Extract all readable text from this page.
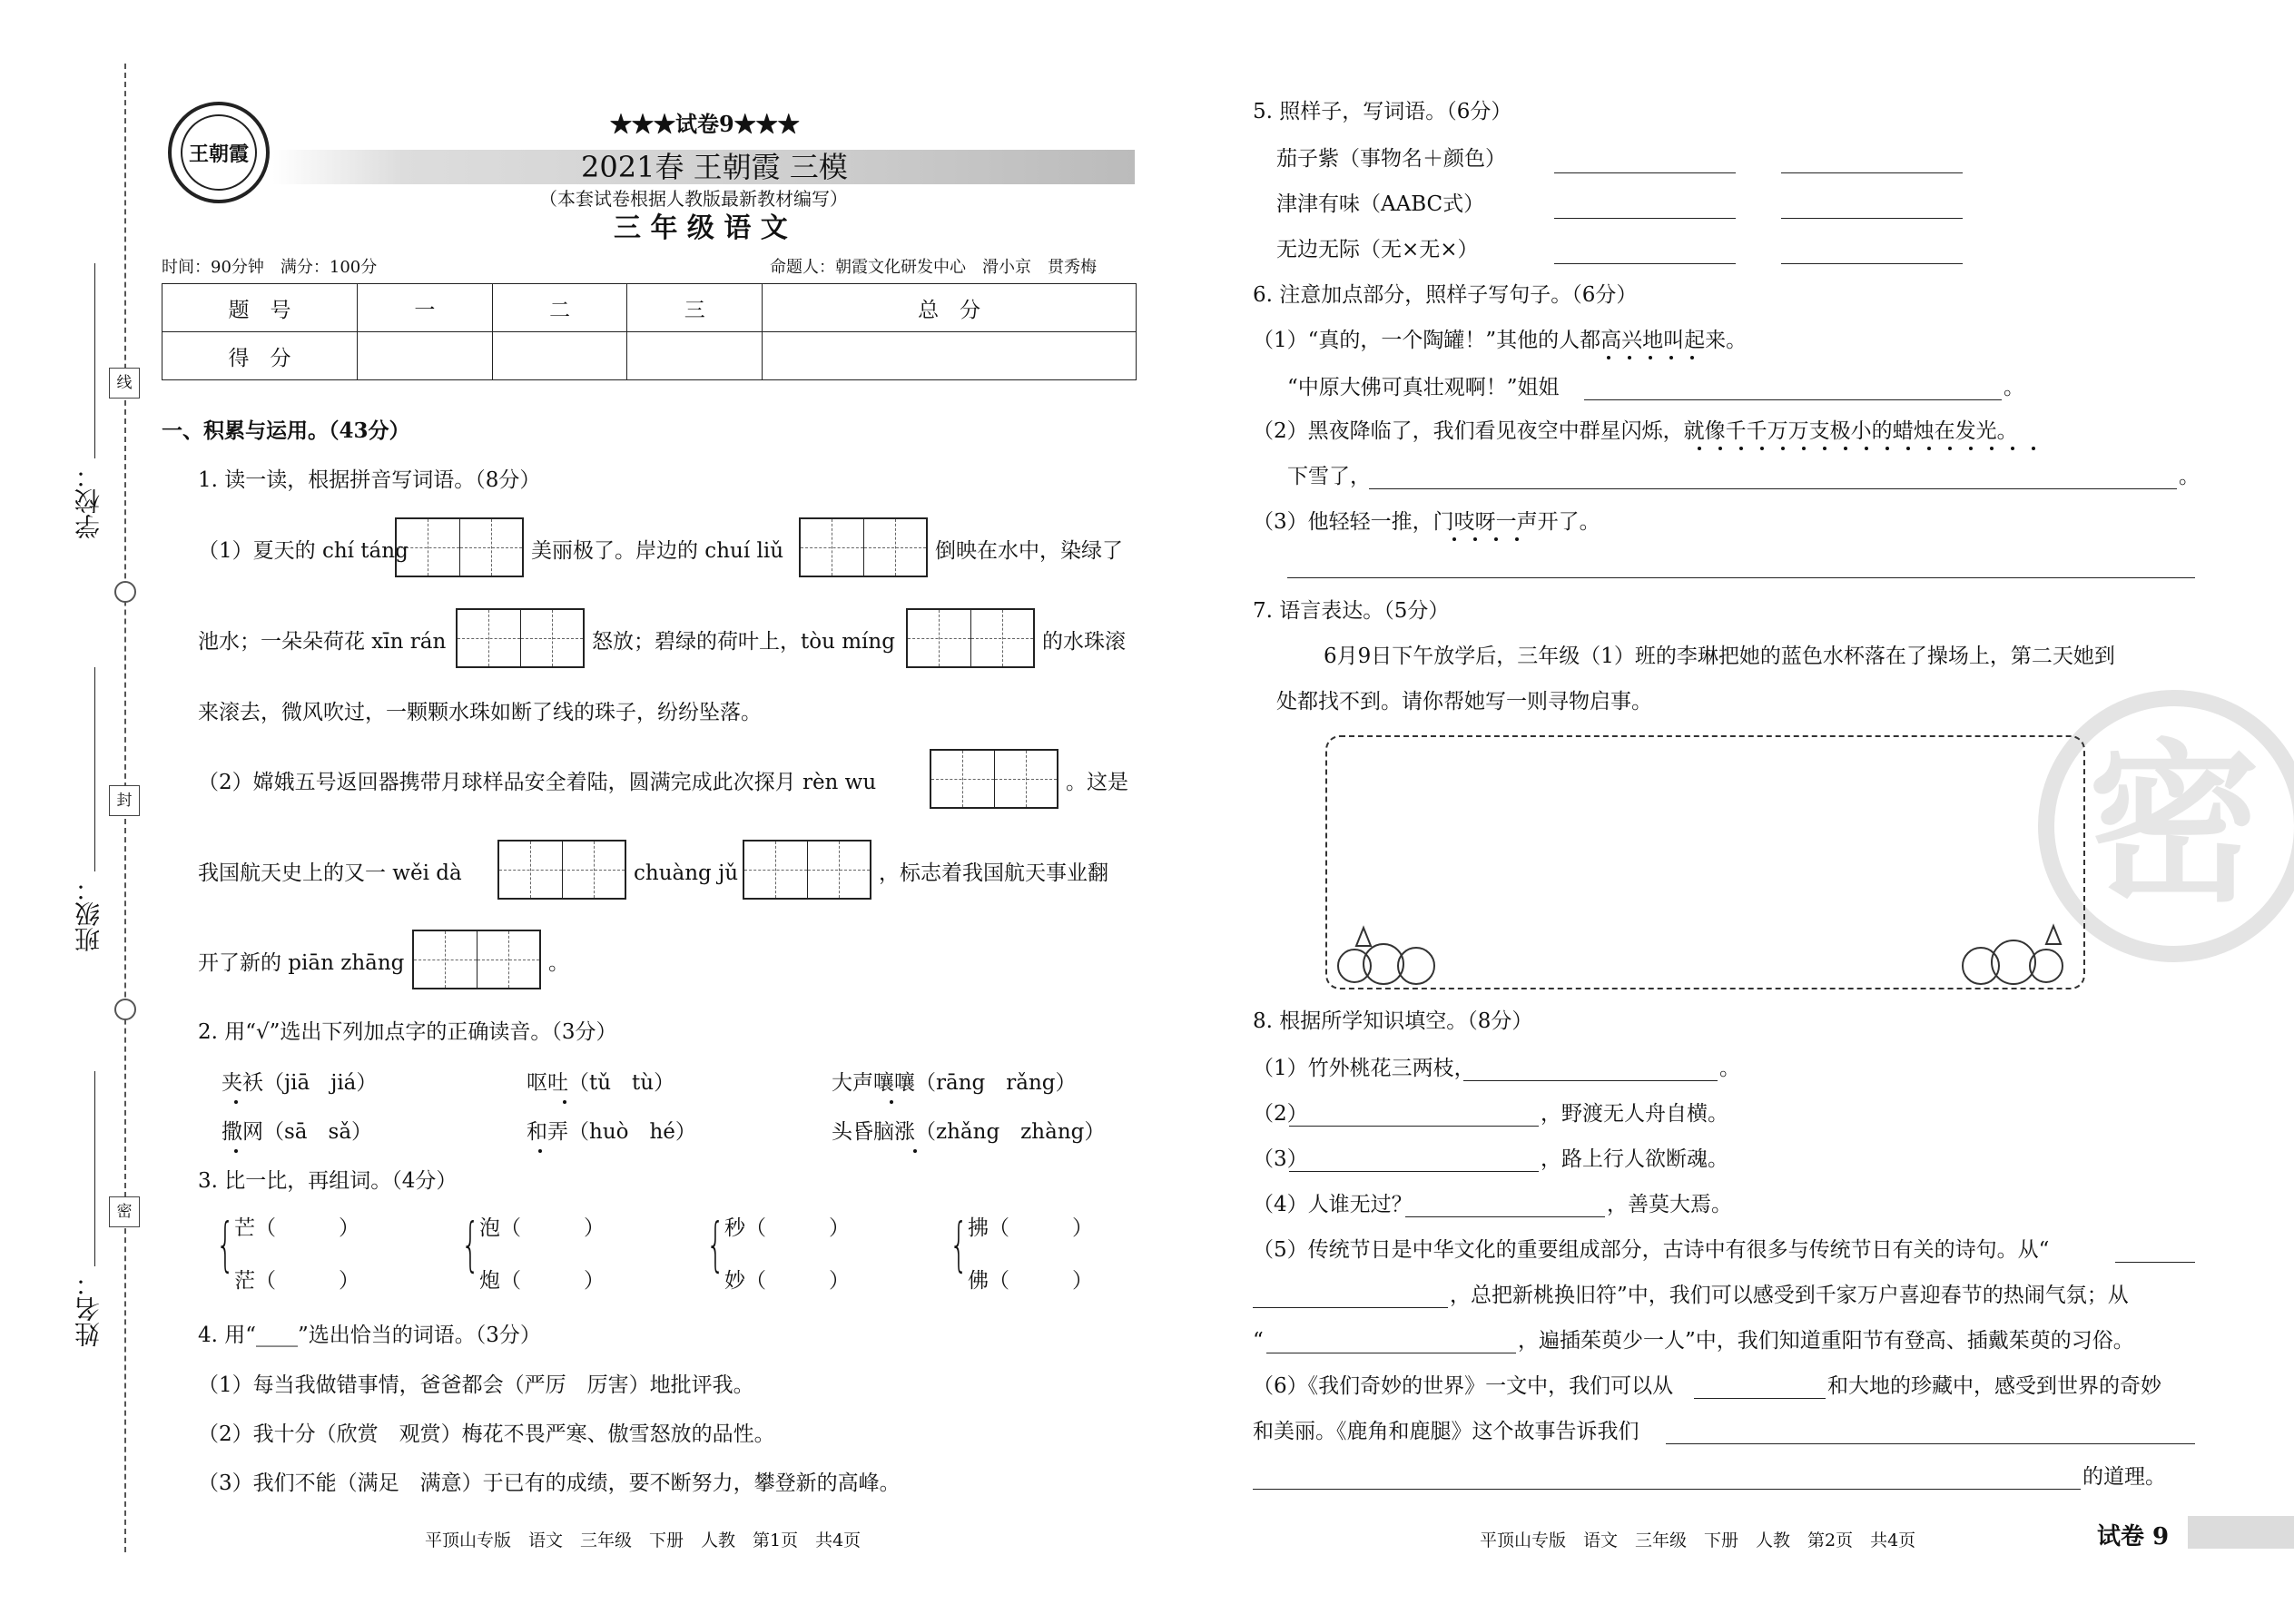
线
封
密
学校：
班级：
姓名：
王朝霞
★★★试卷9★★★
2021春 王朝霞 三模
（本套试卷根据人教版最新教材编写）
三 年 级 语 文
时间：90分钟　满分：100分	命题人：朝霞文化研发中心　滑小京　贯秀梅
题　号	一	二	三	总　分
得　分				
一、积累与运用。（43分）
1. 读一读，根据拼音写词语。（8分）
（1）夏天的 chí táng	美丽极了。岸边的 chuí liǔ	倒映在水中，染绿了
池水；一朵朵荷花 xīn rán	怒放；碧绿的荷叶上，tòu míng	的水珠滚
来滚去，微风吹过，一颗颗水珠如断了线的珠子，纷纷坠落。
（2）嫦娥五号返回器携带月球样品安全着陆，圆满完成此次探月 rèn wu	。这是
我国航天史上的又一 wěi dà	chuàng jǔ	，标志着我国航天事业翻
开了新的 piān zhāng	。
2. 用“√”选出下列加点字的正确读音。（3分）
夹袄（jiā　jiá）	呕吐（tǔ　tù）	大声嚷嚷（rāng　rǎng）
撒网（sā　sǎ）	和弄（huò　hé）	头昏脑涨（zhǎng　zhàng）
3. 比一比，再组词。（4分）
{ 芒（　　　）
茫（　　　）
{ 泡（　　　）
炮（　　　）
{ 秒（　　　）
妙（　　　）
{ 拂（　　　）
佛（　　　）
4. 用“____”选出恰当的词语。（3分）
（1）每当我做错事情，爸爸都会（严厉　厉害）地批评我。
（2）我十分（欣赏　观赏）梅花不畏严寒、傲雪怒放的品性。
（3）我们不能（满足　满意）于已有的成绩，要不断努力，攀登新的高峰。
平顶山专版　语文　三年级　下册　人教　第1页　共4页
密
5. 照样子，写词语。（6分）
茄子紫（事物名＋颜色）
津津有味（AABC式）
无边无际（无×无×）
6. 注意加点部分，照样子写句子。（6分）
（1）“真的，一个陶罐！”其他的人都高兴地叫起来。
“中原大佛可真壮观啊！”姐姐	。
（2）黑夜降临了，我们看见夜空中群星闪烁，就像千千万万支极小的蜡烛在发光。
下雪了，	。
（3）他轻轻一推，门吱呀一声开了。
7. 语言表达。（5分）
6月9日下午放学后，三年级（1）班的李琳把她的蓝色水杯落在了操场上，第二天她到
处都找不到。请你帮她写一则寻物启事。
8. 根据所学知识填空。（8分）
（1）竹外桃花三两枝，	。
（2）	，野渡无人舟自横。
（3）	，路上行人欲断魂。
（4）人谁无过？	，善莫大焉。
（5）传统节日是中华文化的重要组成部分，古诗中有很多与传统节日有关的诗句。从“
，总把新桃换旧符”中，我们可以感受到千家万户喜迎春节的热闹气氛；从
“	，遍插茱萸少一人”中，我们知道重阳节有登高、插戴茱萸的习俗。
（6）《我们奇妙的世界》一文中，我们可以从	和大地的珍藏中，感受到世界的奇妙
和美丽。《鹿角和鹿腿》这个故事告诉我们
的道理。
平顶山专版　语文　三年级　下册　人教　第2页　共4页	试卷 9
